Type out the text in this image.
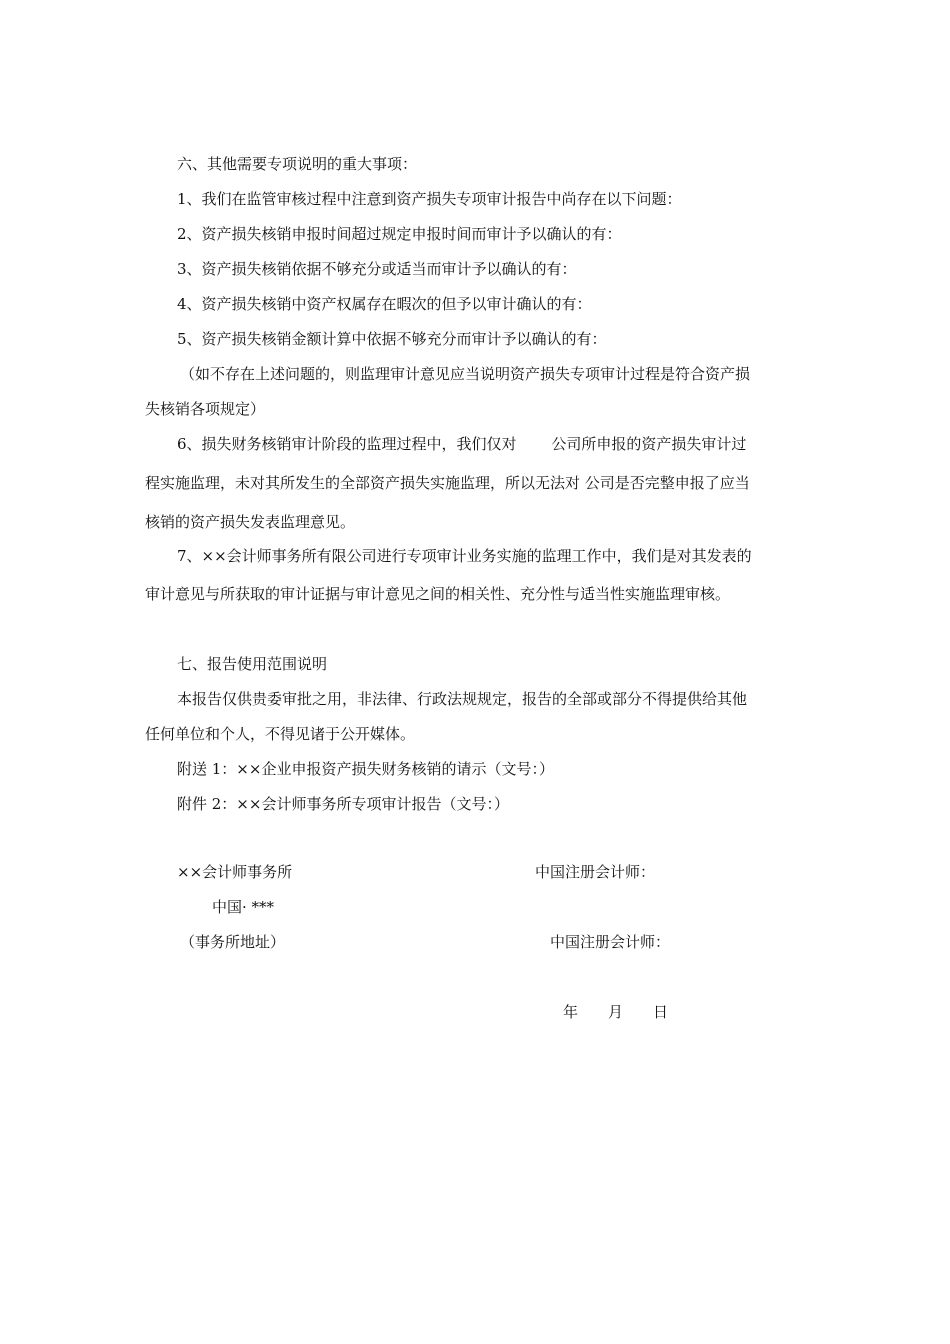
六、其他需要专项说明的重大事项：
1、我们在监管审核过程中注意到资产损失专项审计报告中尚存在以下问题：
2、资产损失核销申报时间超过规定申报时间而审计予以确认的有：
3、资产损失核销依据不够充分或适当而审计予以确认的有：
4、资产损失核销中资产权属存在暇次的但予以审计确认的有：
5、资产损失核销金额计算中依据不够充分而审计予以确认的有：
（如不存在上述问题的，则监理审计意见应当说明资产损失专项审计过程是符合资产损
失核销各项规定）
6、损失财务核销审计阶段的监理过程中，我们仅对　　 公司所申报的资产损失审计过
程实施监理，未对其所发生的全部资产损失实施监理，所以无法对 公司是否完整申报了应当
核销的资产损失发表监理意见。
7、××会计师事务所有限公司进行专项审计业务实施的监理工作中，我们是对其发表的
审计意见与所获取的审计证据与审计意见之间的相关性、充分性与适当性实施监理审核。
七、报告使用范围说明
本报告仅供贵委审批之用，非法律、行政法规规定，报告的全部或部分不得提供给其他
任何单位和个人，不得见诸于公开媒体。
附送 1：××企业申报资产损失财务核销的请示（文号：）
附件 2：××会计师事务所专项审计报告（文号：）
××会计师事务所	中国注册会计师：
中国· ***
（事务所地址）	中国注册会计师：
年 月 日
